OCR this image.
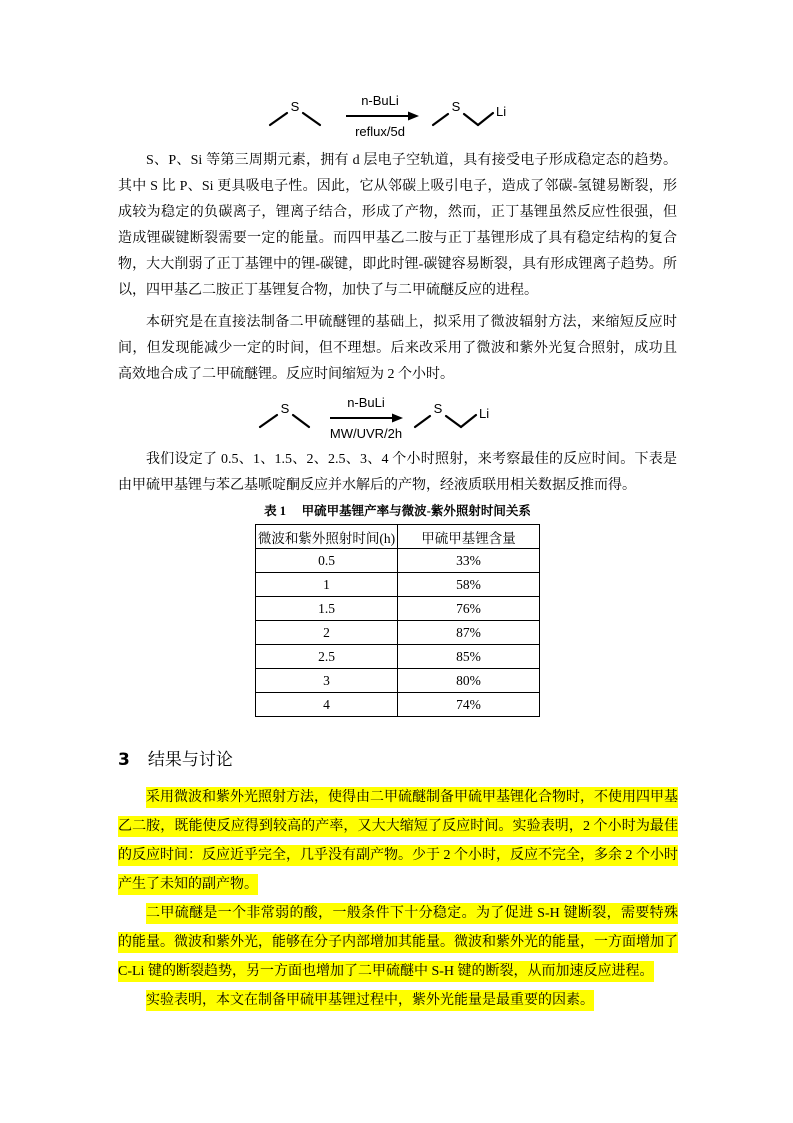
S	n-BuLi
reflux/5d
S	Li

S、P、Si 等第三周期元素，拥有 d 层电子空轨道，具有接受电子形成稳定态的趋势。其中 S 比 P、Si 更具吸电子性。因此，它从邻碳上吸引电子，造成了邻碳-氢键易断裂，形成较为稳定的负碳离子，锂离子结合，形成了产物，然而，正丁基锂虽然反应性很强，但造成锂碳键断裂需要一定的能量。而四甲基乙二胺与正丁基锂形成了具有稳定结构的复合物，大大削弱了正丁基锂中的锂-碳键，即此时锂-碳键容易断裂，具有形成锂离子趋势。所以，四甲基乙二胺正丁基锂复合物，加快了与二甲硫醚反应的进程。

本研究是在直接法制备二甲硫醚锂的基础上，拟采用了微波辐射方法，来缩短反应时间，但发现能减少一定的时间，但不理想。后来改采用了微波和紫外光复合照射，成功且高效地合成了二甲硫醚锂。反应时间缩短为 2 个小时。

S	n-BuLi
MW/UVR/2h
S	Li

我们设定了 0.5、1、1.5、2、2.5、3、4 个小时照射，来考察最佳的反应时间。下表是由甲硫甲基锂与苯乙基哌啶酮反应并水解后的产物，经液质联用相关数据反推而得。

表 1　 甲硫甲基锂产率与微波-紫外照射时间关系

微波和紫外照射时间(h)	甲硫甲基锂含量
0.5	33%
1	58%
1.5	76%
2	87%
2.5	85%
3	80%
4	74%
3 结果与讨论

采用微波和紫外光照射方法，使得由二甲硫醚制备甲硫甲基锂化合物时，不使用四甲基乙二胺，既能使反应得到较高的产率，又大大缩短了反应时间。实验表明，2 个小时为最佳的反应时间：反应近乎完全，几乎没有副产物。少于 2 个小时，反应不完全，多余 2 个小时产生了未知的副产物。

二甲硫醚是一个非常弱的酸，一般条件下十分稳定。为了促进 S-H 键断裂，需要特殊的能量。微波和紫外光，能够在分子内部增加其能量。微波和紫外光的能量，一方面增加了 C-Li 键的断裂趋势，另一方面也增加了二甲硫醚中 S-H 键的断裂，从而加速反应进程。

实验表明，本文在制备甲硫甲基锂过程中，紫外光能量是最重要的因素。
